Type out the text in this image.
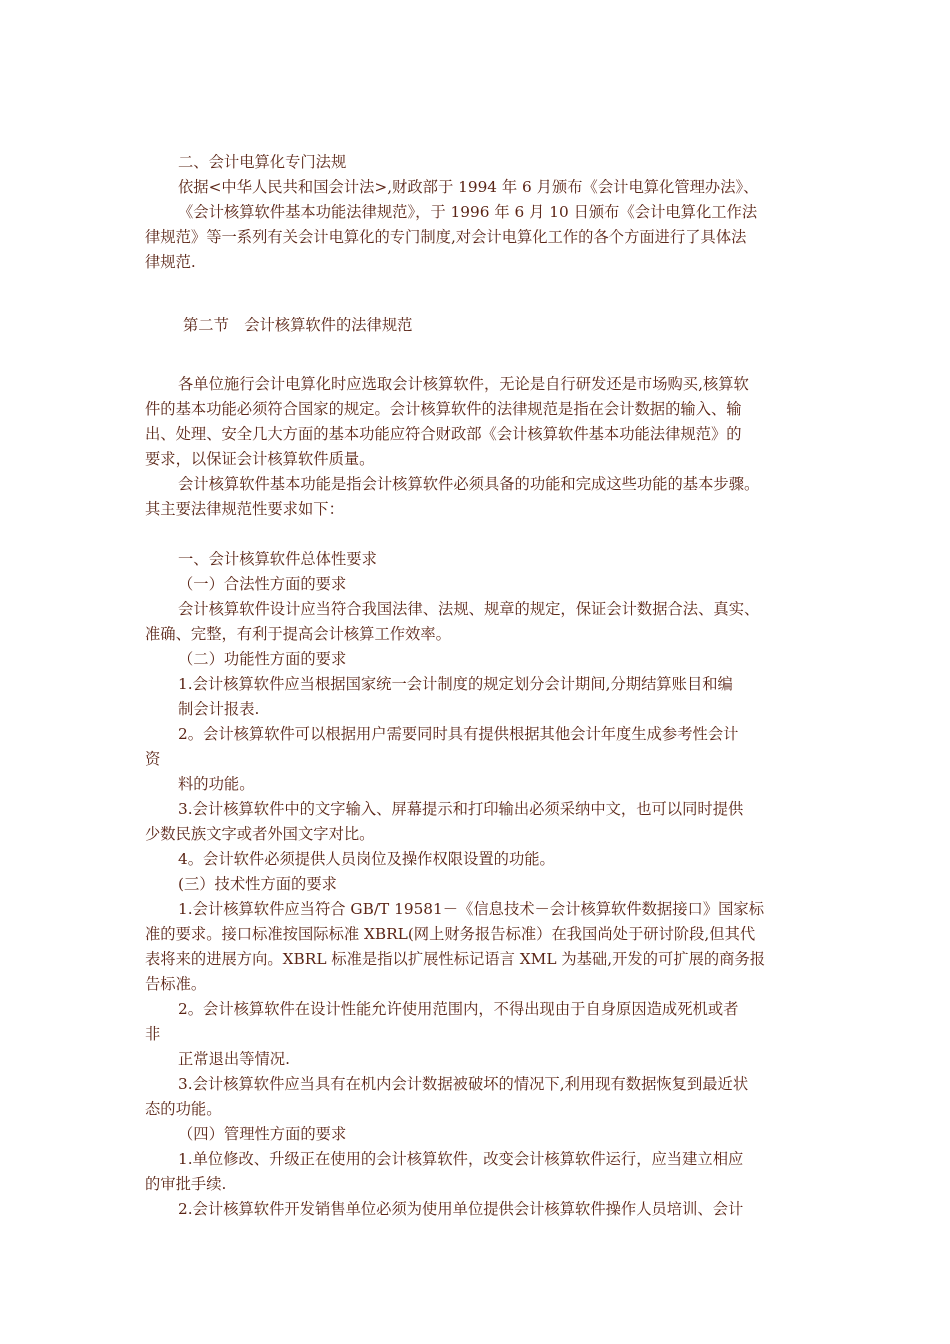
二、会计电算化专门法规
依据<中华人民共和国会计法>,财政部于 1994 年 6 月颁布《会计电算化管理办法》、
《会计核算软件基本功能法律规范》，于 1996 年 6 月 10 日颁布《会计电算化工作法
律规范》等一系列有关会计电算化的专门制度,对会计电算化工作的各个方面进行了具体法
律规范.
第二节　会计核算软件的法律规范
各单位施行会计电算化时应选取会计核算软件，无论是自行研发还是市场购买,核算软
件的基本功能必须符合国家的规定。会计核算软件的法律规范是指在会计数据的输入、输
出、处理、安全几大方面的基本功能应符合财政部《会计核算软件基本功能法律规范》的
要求，以保证会计核算软件质量。
会计核算软件基本功能是指会计核算软件必须具备的功能和完成这些功能的基本步骤。
其主要法律规范性要求如下：
一、会计核算软件总体性要求
（一）合法性方面的要求
会计核算软件设计应当符合我国法律、法规、规章的规定，保证会计数据合法、真实、
准确、完整，有利于提高会计核算工作效率。
（二）功能性方面的要求
1.会计核算软件应当根据国家统一会计制度的规定划分会计期间,分期结算账目和编
制会计报表.
2。会计核算软件可以根据用户需要同时具有提供根据其他会计年度生成参考性会计
资
料的功能。
3.会计核算软件中的文字输入、屏幕提示和打印输出必须采纳中文，也可以同时提供
少数民族文字或者外国文字对比。
4。会计软件必须提供人员岗位及操作权限设置的功能。
(三）技术性方面的要求
1.会计核算软件应当符合 GB/T 19581－《信息技术－会计核算软件数据接口》国家标
准的要求。接口标准按国际标准 XBRL(网上财务报告标准）在我国尚处于研讨阶段,但其代
表将来的进展方向。XBRL 标准是指以扩展性标记语言 XML 为基础,开发的可扩展的商务报
告标准。
2。会计核算软件在设计性能允许使用范围内，不得出现由于自身原因造成死机或者
非
正常退出等情况.
3.会计核算软件应当具有在机内会计数据被破坏的情况下,利用现有数据恢复到最近状
态的功能。
（四）管理性方面的要求
1.单位修改、升级正在使用的会计核算软件，改变会计核算软件运行，应当建立相应
的审批手续.
2.会计核算软件开发销售单位必须为使用单位提供会计核算软件操作人员培训、会计
